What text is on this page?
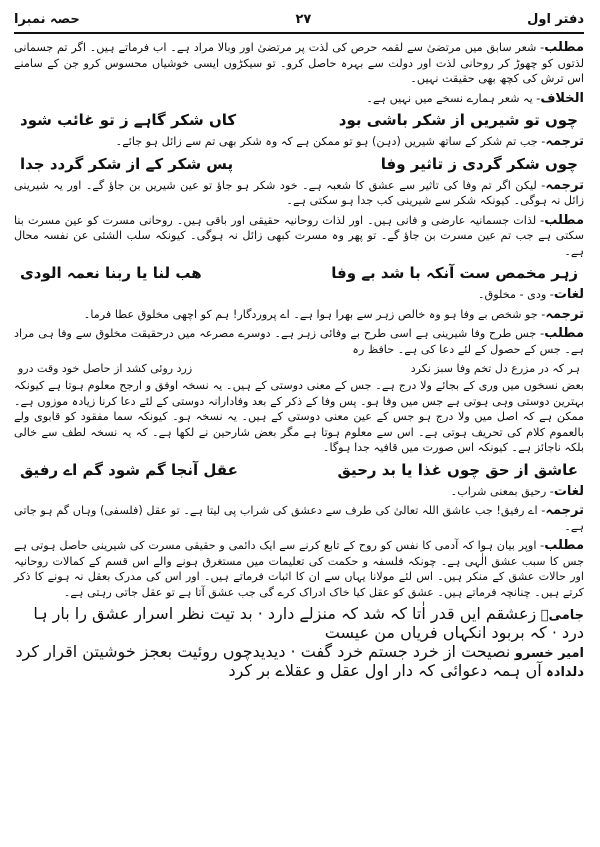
دفتر اول
۲۷
حصہ نمبرا

مطلب- شعر سابق میں مرتضیٰ سے لقمہ حرص کی لذت پر مرتضیٰ اور وبالا مراد ہے۔ اب فرماتے ہیں۔ اگر تم جسمانی لذتوں کو چھوڑ کر روحانی لذت اور دولت سے بہرہ حاصل کرو۔ تو سیکڑوں ایسی خوشیاں محسوس کرو جن کے سامنے اس ترش کی کچھ بھی حقیقت نہیں۔

الخلاف- یہ شعر ہمارے نسخے میں نہیں ہے۔

چوں تو شیریں از شکر باشی بود
کاں شکر گاہے ز تو غائب شود

ترجمہ- جب تم شکر کے ساتھ شیریں (دہن) ہو تو ممکن ہے کہ وہ شکر بھی تم سے زائل ہو جائے۔

چوں شکر گردی ز تاثیر وفا
پس شکر کے از شکر گردد جدا

ترجمہ- لیکن اگر تم وفا کی تاثیر سے عشق کا شعبہ ہے۔ خود شکر ہو جاؤ تو عین شیریں بن جاؤ گے۔ اور یہ شیرینی زائل نہ ہوگی۔ کیونکہ شکر سے شیرینی کب جدا ہو سکتی ہے۔

مطلب- لذات جسمانیہ عارضی و فانی ہیں۔ اور لذات روحانیہ حقیقی اور باقی ہیں۔ روحانی مسرت کو عین مسرت بنا سکتی ہے جب تم عین مسرت بن جاؤ گے۔ تو پھر وہ مسرت کبھی زائل نہ ہوگی۔ کیونکہ سلب الشئی عن نفسہ محال ہے۔

زہر مخمص ست آنکہ با شد بے وفا
ھب لنا یا ربنا نعمہ الودی

لغات- ودی - مخلوق۔

ترجمہ- جو شخص بے وفا ہو وہ خالص زہر سے بھرا ہوا ہے۔ اے پروردگار! ہم کو اچھی مخلوق عطا فرما۔

مطلب- جس طرح وفا شیرینی ہے اسی طرح بے وفائی زہر ہے۔ دوسرے مصرعہ میں درحقیقت مخلوق سے وفا ہی مراد ہے۔ جس کے حصول کے لئے دعا کی ہے۔ حافظ رہ

ہر کہ در مزرع دل تخم وفا سبز نکرد
زرد روئی کشد از حاصل خود وقت درو

بعض نسخوں میں وری کے بجائے ولا درج ہے۔ جس کے معنی دوستی کے ہیں۔ یہ نسخہ اوفق و ارجح معلوم ہوتا ہے کیونکہ بہترین دوستی وہی ہوتی ہے جس میں وفا ہو۔ پس وفا کے ذکر کے بعد وفادارانہ دوستی کے لئے دعا کرنا زیادہ موزوں ہے۔ ممکن ہے کہ اصل میں ولا درج ہو جس کے عین معنی دوستی کے ہیں۔ یہ نسخہ ہو۔ کیونکہ سما مفقود کو قابوی ولے بالعموم کلام کی تحریف ہوتی ہے۔ اس سے معلوم ہوتا ہے مگر بعض شارحین نے لکھا ہے۔ کہ یہ نسخہ لطف سے خالی بلکہ ناجائز ہے۔ کیونکہ اس صورت میں قافیہ جدا ہوگا۔

عاشق از حق چوں غذا یا بد رحیق
عقل آنجا گم شود گم اے رفیق

لغات- رحیق بمعنی شراب۔

ترجمہ- اے رفیق! جب عاشق اللہ تعالیٰ کی طرف سے دعشق کی شراب پی لیتا ہے۔ تو عقل (فلسفی) وہاں گم ہو جاتی ہے۔

مطلب- اوپر بیان ہوا کہ آدمی کا نفس کو روح کے تابع کرنے سے ایک دائمی و حقیقی مسرت کی شیرینی حاصل ہوتی ہے جس کا سبب عشق الٰہی ہے۔ چونکہ فلسفہ و حکمت کی تعلیمات میں مستغرق ہونے والے اس قسم کے کمالات روحانیہ اور حالات عشق کے منکر ہیں۔ اس لئے مولانا یہاں سے ان کا اثبات فرماتے ہیں۔ اور اس کی مدرک بعقل نہ ہونے کا ذکر کرتے ہیں۔ چنانچہ فرماتے ہیں۔ عشق کو عقل کیا خاک ادراک کرے گی جب عشق آتا ہے تو عقل جاتی رہتی ہے۔

جامیؒ زعشقم ایں قدر اٰتا کہ شد کہ منزلے دارد · بد تیت نظر اسرار عشق را بار ہا درد · کہ بربود انکہاں فریاں من عیست
امیر خسرو نصیحت از خرد جستم خرد گفت · دیدیدچوں روئیت بعجز خوشیتن اقرار کرد
دلدادہ آں ہمہ دعوائی کہ دار اول عقل و عقلاے بر کرد
